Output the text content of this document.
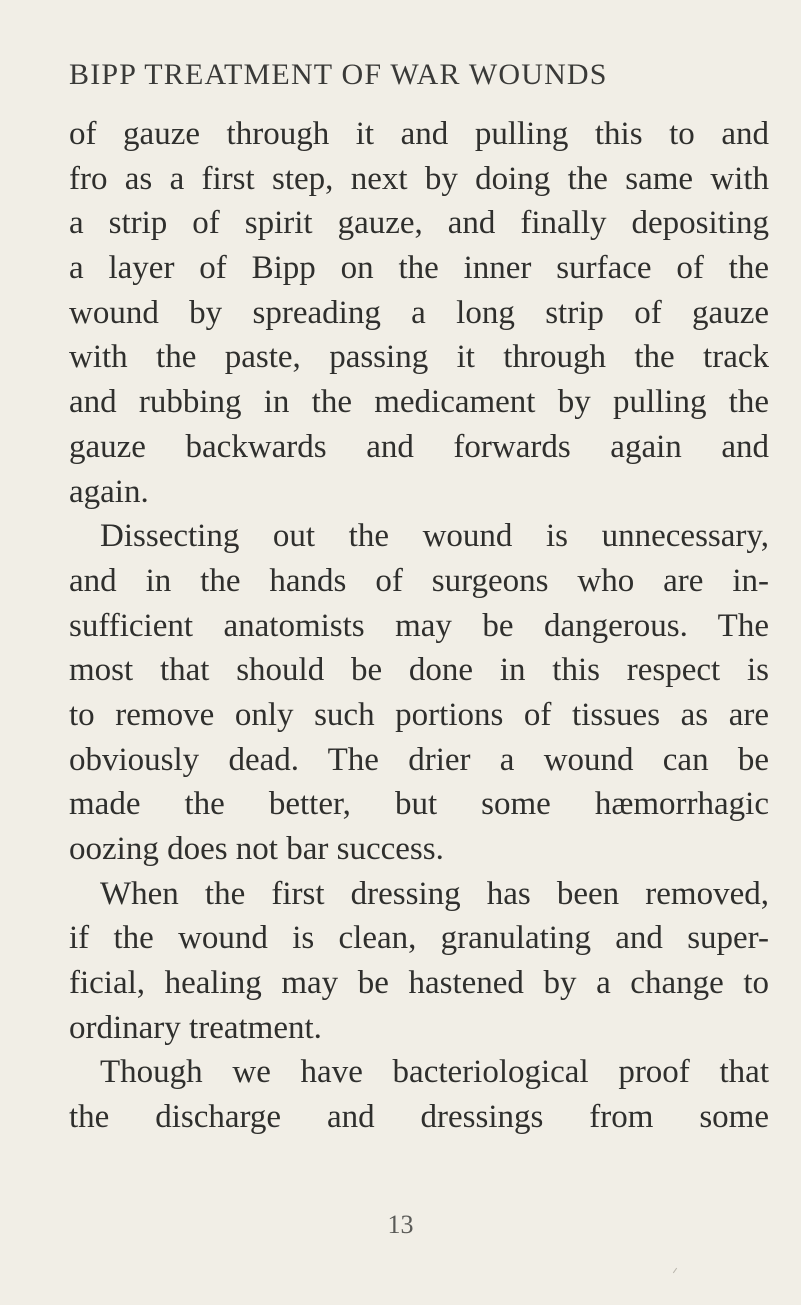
BIPP TREATMENT OF WAR WOUNDS
of gauze through it and pulling this to and
fro as a first step, next by doing the same with
a strip of spirit gauze, and finally depositing
a layer of Bipp on the inner surface of the
wound by spreading a long strip of gauze
with the paste, passing it through the track
and rubbing in the medicament by pulling the
gauze backwards and forwards again and
again.
Dissecting out the wound is unnecessary,
and in the hands of surgeons who are in-
sufficient anatomists may be dangerous. The
most that should be done in this respect is
to remove only such portions of tissues as are
obviously dead. The drier a wound can be
made the better, but some hæmorrhagic
oozing does not bar success.
When the first dressing has been removed,
if the wound is clean, granulating and super-
ficial, healing may be hastened by a change to
ordinary treatment.
Though we have bacteriological proof that
the discharge and dressings from some
13
